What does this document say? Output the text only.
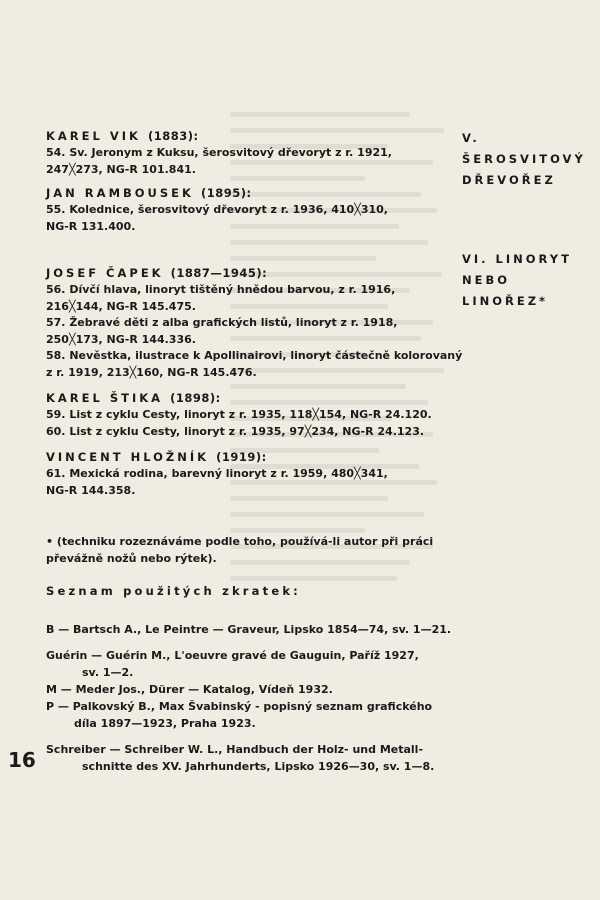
KAREL VIK (1883):

54. Sv. Jeronym z Kuksu, šerosvitový dřevoryt z r. 1921,
247╳273, NG-R 101.841.

JAN RAMBOUSEK (1895):

55. Kolednice, šerosvitový dřevoryt z r. 1936, 410╳310,
NG-R 131.400.

JOSEF ČAPEK (1887—1945):

56. Dívčí hlava, linoryt tištěný hnědou barvou, z r. 1916,
216╳144, NG-R 145.475.

57. Žebravé děti z alba grafických listů, linoryt z r. 1918,
250╳173, NG-R 144.336.

58. Nevěstka, ilustrace k Apollinairovi, linoryt částečně kolorovaný z r. 1919, 213╳160, NG-R 145.476.

KAREL ŠTIKA (1898):

59. List z cyklu Cesty, linoryt z r. 1935, 118╳154, NG-R 24.120.

60. List z cyklu Cesty, linoryt z r. 1935, 97╳234, NG-R 24.123.

VINCENT HLOŽNÍK (1919):

61. Mexická rodina, barevný linoryt z r. 1959, 480╳341,
NG-R 144.358.

• (techniku rozeznáváme podle toho, používá-li autor při práci převážně nožů nebo rýtek).

Seznam použitých zkratek:

B — Bartsch A., Le Peintre — Graveur, Lipsko 1854—74, sv. 1—21.

Guérin — Guérin M., L'oeuvre gravé de Gauguin, Paříž 1927,
sv. 1—2.

M — Meder Jos., Dürer — Katalog, Vídeň 1932.

P — Palkovský B., Max Švabinský - popisný seznam grafického
díla 1897—1923, Praha 1923.

Schreiber — Schreiber W. L., Handbuch der Holz- und Metall-
schnitte des XV. Jahrhunderts, Lipsko 1926—30, sv. 1—8.

V.

ŠEROSVITOVÝ

DŘEVOŘEZ

VI. LINORYT

NEBO

LINOŘEZ*

16
